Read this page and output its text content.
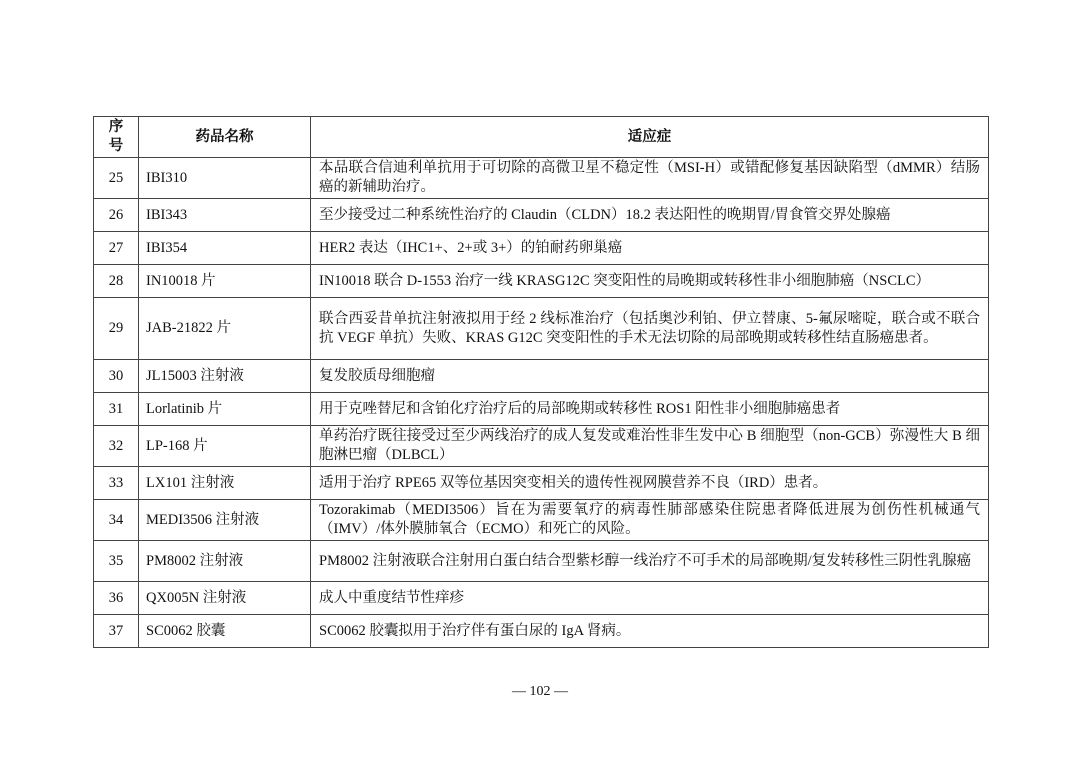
序号	药品名称	适应症
25	IBI310	本品联合信迪利单抗用于可切除的高微卫星不稳定性（MSI-H）或错配修复基因缺陷型（dMMR）结肠癌的新辅助治疗。
26	IBI343	至少接受过二种系统性治疗的 Claudin（CLDN）18.2 表达阳性的晚期胃/胃食管交界处腺癌
27	IBI354	HER2 表达（IHC1+、2+或 3+）的铂耐药卵巢癌
28	IN10018 片	IN10018 联合 D-1553 治疗一线 KRASG12C 突变阳性的局晚期或转移性非小细胞肺癌（NSCLC）
29	JAB-21822 片	联合西妥昔单抗注射液拟用于经 2 线标准治疗（包括奥沙利铂、伊立替康、5-氟尿嘧啶，联合或不联合抗 VEGF 单抗）失败、KRAS G12C 突变阳性的手术无法切除的局部晚期或转移性结直肠癌患者。
30	JL15003 注射液	复发胶质母细胞瘤
31	Lorlatinib 片	用于克唑替尼和含铂化疗治疗后的局部晚期或转移性 ROS1 阳性非小细胞肺癌患者
32	LP-168 片	单药治疗既往接受过至少两线治疗的成人复发或难治性非生发中心 B 细胞型（non-GCB）弥漫性大 B 细胞淋巴瘤（DLBCL）
33	LX101 注射液	适用于治疗 RPE65 双等位基因突变相关的遗传性视网膜营养不良（IRD）患者。
34	MEDI3506 注射液	Tozorakimab（MEDI3506）旨在为需要氧疗的病毒性肺部感染住院患者降低进展为创伤性机械通气（IMV）/体外膜肺氧合（ECMO）和死亡的风险。
35	PM8002 注射液	PM8002 注射液联合注射用白蛋白结合型紫杉醇一线治疗不可手术的局部晚期/复发转移性三阴性乳腺癌
36	QX005N 注射液	成人中重度结节性痒疹
37	SC0062 胶囊	SC0062 胶囊拟用于治疗伴有蛋白尿的 IgA 肾病。
— 102 —
